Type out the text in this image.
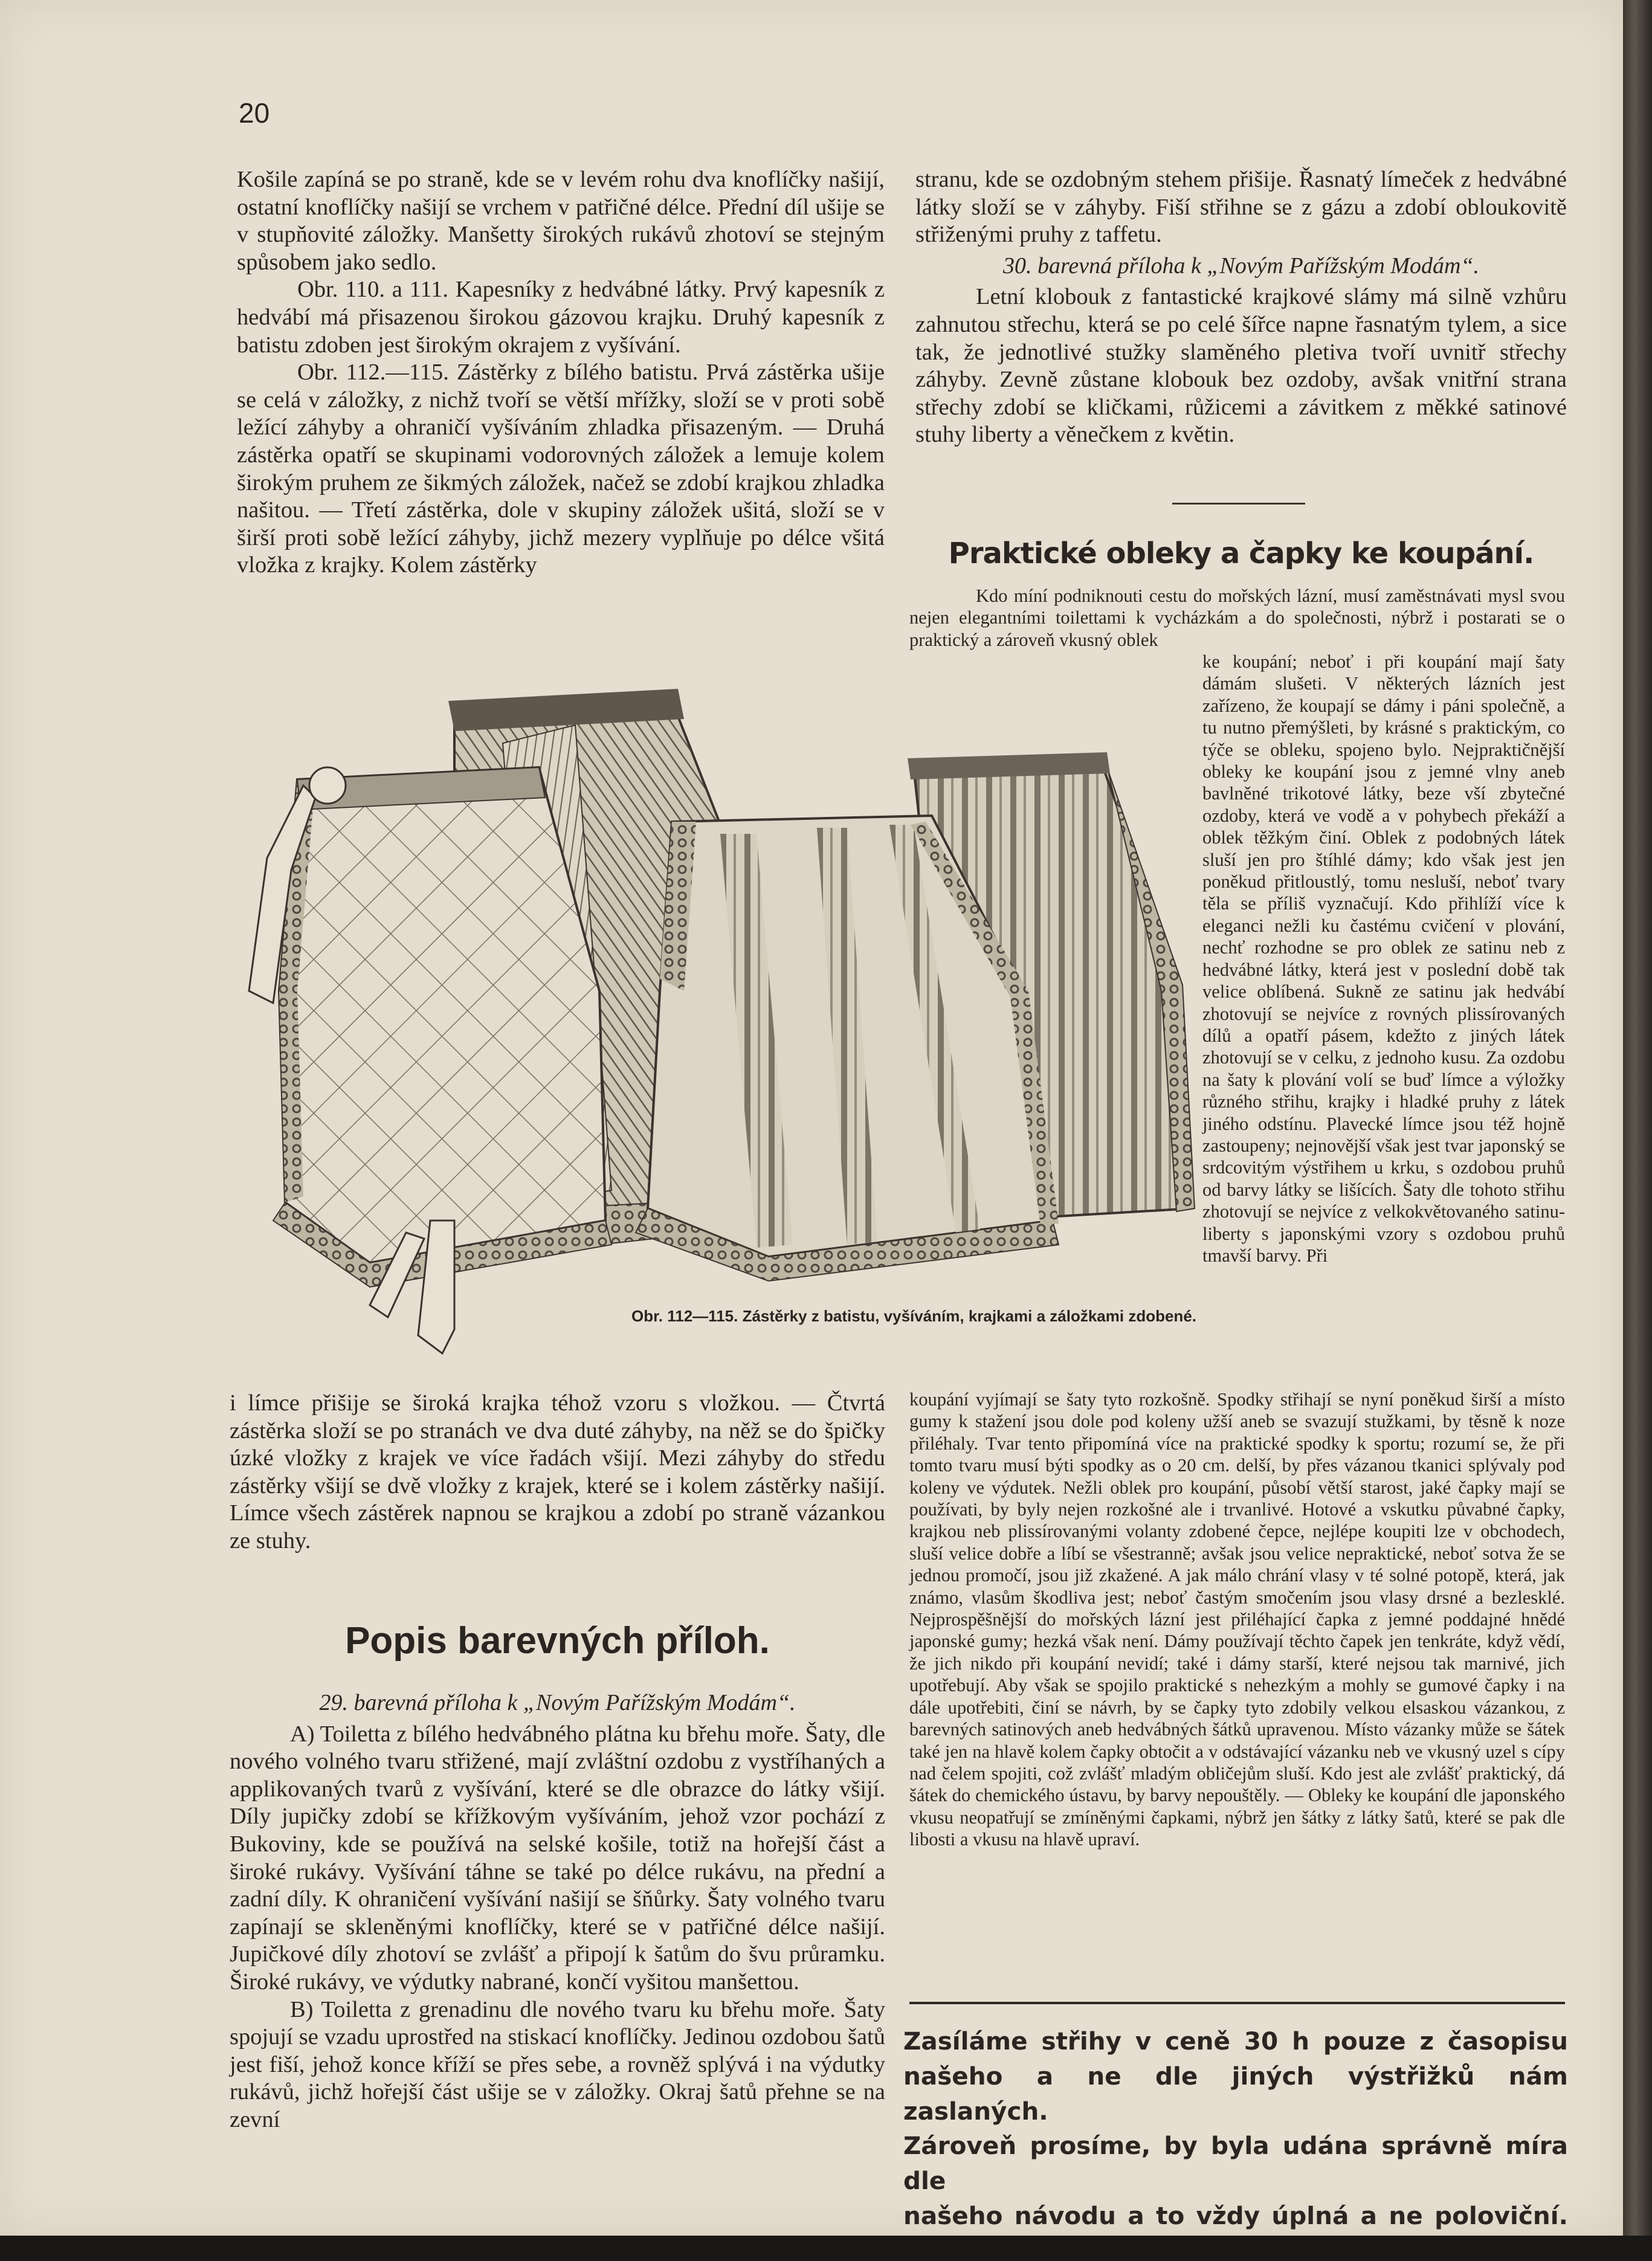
20

Košile zapíná se po straně, kde se v levém rohu dva knoflíčky našijí, ostatní knoflíčky našijí se vrchem v patřičné délce. Přední díl ušije se v stupňovité záložky. Manšetty širokých rukávů zhotoví se stejným spůsobem jako sedlo.

Obr. 110. a 111. Kapesníky z hedvábné látky. Prvý kapesník z hedvábí má přisazenou širokou gázovou krajku. Druhý kapesník z batistu zdoben jest širokým okrajem z vyšívání.

Obr. 112.—115. Zástěrky z bílého batistu. Prvá zástěrka ušije se celá v záložky, z nichž tvoří se větší mřížky, složí se v proti sobě ležící záhyby a ohraničí vyšíváním zhladka přisazeným. — Druhá zástěrka opatří se skupinami vodorovných záložek a lemuje kolem širokým pruhem ze šikmých záložek, načež se zdobí krajkou zhladka našitou. — Třetí zástěrka, dole v skupiny záložek ušitá, složí se v širší proti sobě ležící záhyby, jichž mezery vyplňuje po délce všitá vložka z krajky. Kolem zástěrky

stranu, kde se ozdobným stehem přišije. Řasnatý límeček z hedvábné látky složí se v záhyby. Fiší střihne se z gázu a zdobí obloukovitě střiženými pruhy z taffetu.

30. barevná příloha k „Novým Pařížským Modám“.

Letní klobouk z fantastické krajkové slámy má silně vzhůru zahnutou střechu, která se po celé šířce napne řasnatým tylem, a sice tak, že jednotlivé stužky slaměného pletiva tvoří uvnitř střechy záhyby. Zevně zůstane klobouk bez ozdoby, avšak vnitřní strana střechy zdobí se kličkami, růžicemi a závitkem z měkké satinové stuhy liberty a věnečkem z květin.

Praktické obleky a čapky ke koupání.

Kdo míní podniknouti cestu do mořských lázní, musí zaměstnávati mysl svou nejen elegantními toilettami k vycházkám a do společnosti, nýbrž i postarati se o praktický a zároveň vkusný oblek

ke koupání; neboť i při koupání mají šaty dámám slušeti. V některých lázních jest zařízeno, že koupají se dámy i páni společně, a tu nutno přemýšleti, by krásné s praktickým, co týče se obleku, spojeno bylo. Nejpraktičnější obleky ke koupání jsou z jemné vlny aneb bavlněné trikotové látky, beze vší zbytečné ozdoby, která ve vodě a v pohybech překáží a oblek těžkým činí. Oblek z podobných látek sluší jen pro štíhlé dámy; kdo však jest jen poněkud přitloustlý, tomu nesluší, neboť tvary těla se příliš vyznačují. Kdo přihlíží více k eleganci nežli ku častému cvičení v plování, nechť rozhodne se pro oblek ze satinu neb z hedvábné látky, která jest v poslední době tak velice oblíbená. Sukně ze satinu jak hedvábí zhotovují se nejvíce z rovných plissírovaných dílů a opatří pásem, kdežto z jiných látek zhotovují se v celku, z jednoho kusu. Za ozdobu na šaty k plování volí se buď límce a výložky různého střihu, krajky i hladké pruhy z látek jiného odstínu. Plavecké límce jsou též hojně zastoupeny; nejnovější však jest tvar japonský se srdcovitým výstřihem u krku, s ozdobou pruhů od barvy látky se lišících. Šaty dle tohoto střihu zhotovují se nejvíce z velkokvětovaného satinu-liberty s japonskými vzory s ozdobou pruhů tmavší barvy. Při

Obr. 112—115. Zástěrky z batistu, vyšíváním, krajkami a záložkami zdobené.

i límce přišije se široká krajka téhož vzoru s vložkou. — Čtvrtá zástěrka složí se po stranách ve dva duté záhyby, na něž se do špičky úzké vložky z krajek ve více řadách všijí. Mezi záhyby do středu zástěrky všijí se dvě vložky z krajek, které se i kolem zástěrky našijí. Límce všech zástěrek napnou se krajkou a zdobí po straně vázankou ze stuhy.

Popis barevných příloh.

29. barevná příloha k „Novým Pařížským Modám“.

A) Toiletta z bílého hedvábného plátna ku břehu moře. Šaty, dle nového volného tvaru střižené, mají zvláštní ozdobu z vystříhaných a applikovaných tvarů z vyšívání, které se dle obrazce do látky všijí. Díly jupičky zdobí se křížkovým vyšíváním, jehož vzor pochází z Bukoviny, kde se používá na selské košile, totiž na hořejší část a široké rukávy. Vyšívání táhne se také po délce rukávu, na přední a zadní díly. K ohraničení vyšívání našijí se šňůrky. Šaty volného tvaru zapínají se skleněnými knoflíčky, které se v patřičné délce našijí. Jupičkové díly zhotoví se zvlášť a připojí k šatům do švu průramku. Široké rukávy, ve výdutky nabrané, končí vyšitou manšettou.

B) Toiletta z grenadinu dle nového tvaru ku břehu moře. Šaty spojují se vzadu uprostřed na stiskací knoflíčky. Jedinou ozdobou šatů jest fiší, jehož konce kříží se přes sebe, a rovněž splývá i na výdutky rukávů, jichž hořejší část ušije se v záložky. Okraj šatů přehne se na zevní

koupání vyjímají se šaty tyto rozkošně. Spodky střihají se nyní poněkud širší a místo gumy k stažení jsou dole pod koleny užší aneb se svazují stužkami, by těsně k noze přiléhaly. Tvar tento připomíná více na praktické spodky k sportu; rozumí se, že při tomto tvaru musí býti spodky as o 20 cm. delší, by přes vázanou tkanici splývaly pod koleny ve výdutek. Nežli oblek pro koupání, působí větší starost, jaké čapky mají se používati, by byly nejen rozkošné ale i trvanlivé. Hotové a vskutku půvabné čapky, krajkou neb plissírovanými volanty zdobené čepce, nejlépe koupiti lze v obchodech, sluší velice dobře a líbí se všestranně; avšak jsou velice nepraktické, neboť sotva že se jednou promočí, jsou již zkažené. A jak málo chrání vlasy v té solné potopě, která, jak známo, vlasům škodliva jest; neboť častým smočením jsou vlasy drsné a bezlesklé. Nejprospěšnější do mořských lázní jest přiléhající čapka z jemné poddajné hnědé japonské gumy; hezká však není. Dámy používají těchto čapek jen tenkráte, když vědí, že jich nikdo při koupání nevidí; také i dámy starší, které nejsou tak marnivé, jich upotřebují. Aby však se spojilo praktické s nehezkým a mohly se gumové čapky i na dále upotřebiti, činí se návrh, by se čapky tyto zdobily velkou elsaskou vázankou, z barevných satinových aneb hedvábných šátků upravenou. Místo vázanky může se šátek také jen na hlavě kolem čapky obtočit a v odstávající vázanku neb ve vkusný uzel s cípy nad čelem spojiti, což zvlášť mladým obličejům sluší. Kdo jest ale zvlášť praktický, dá šátek do chemického ústavu, by barvy nepouštěly. — Obleky ke koupání dle japonského vkusu neopatřují se zmíněnými čapkami, nýbrž jen šátky z látky šatů, které se pak dle libosti a vkusu na hlavě upraví.

Zasíláme střihy v ceně 30 h pouze z časopisu

našeho a ne dle jiných výstřižků nám zaslaných.

Zároveň prosíme, by byla udána správně míra dle

našeho návodu a to vždy úplná a ne poloviční.
